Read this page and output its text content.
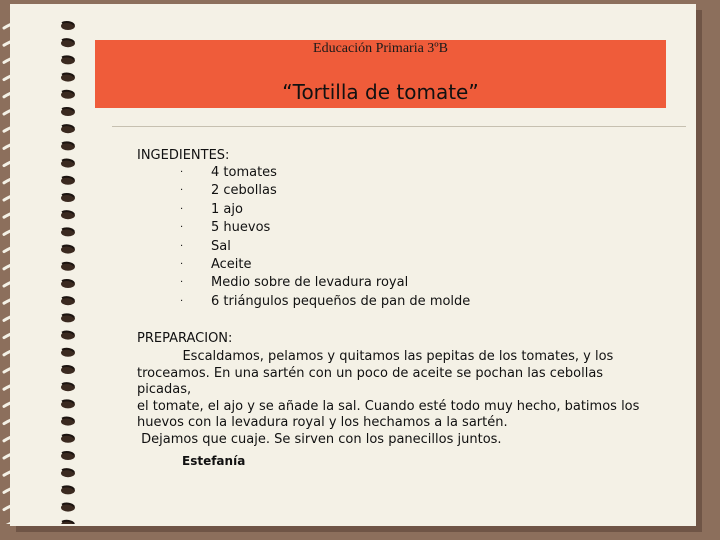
Educación Primaria 3ºB
“Tortilla de tomate”
INGEDIENTES:
·	4 tomates
·	2 cebollas
·	1 ajo
·	5 huevos
·	Sal
·	Aceite
·	Medio sobre de levadura royal
·	6 triángulos pequeños de pan de molde
PREPARACION:
Escaldamos, pelamos y quitamos las pepitas de los tomates, y los
troceamos. En una sartén con un poco de aceite se pochan las cebollas picadas,
el tomate, el ajo y se añade la sal. Cuando esté todo muy hecho, batimos los
huevos con la levadura royal y los hechamos a la sartén.
Dejamos que cuaje. Se sirven con los panecillos juntos.
Estefanía
